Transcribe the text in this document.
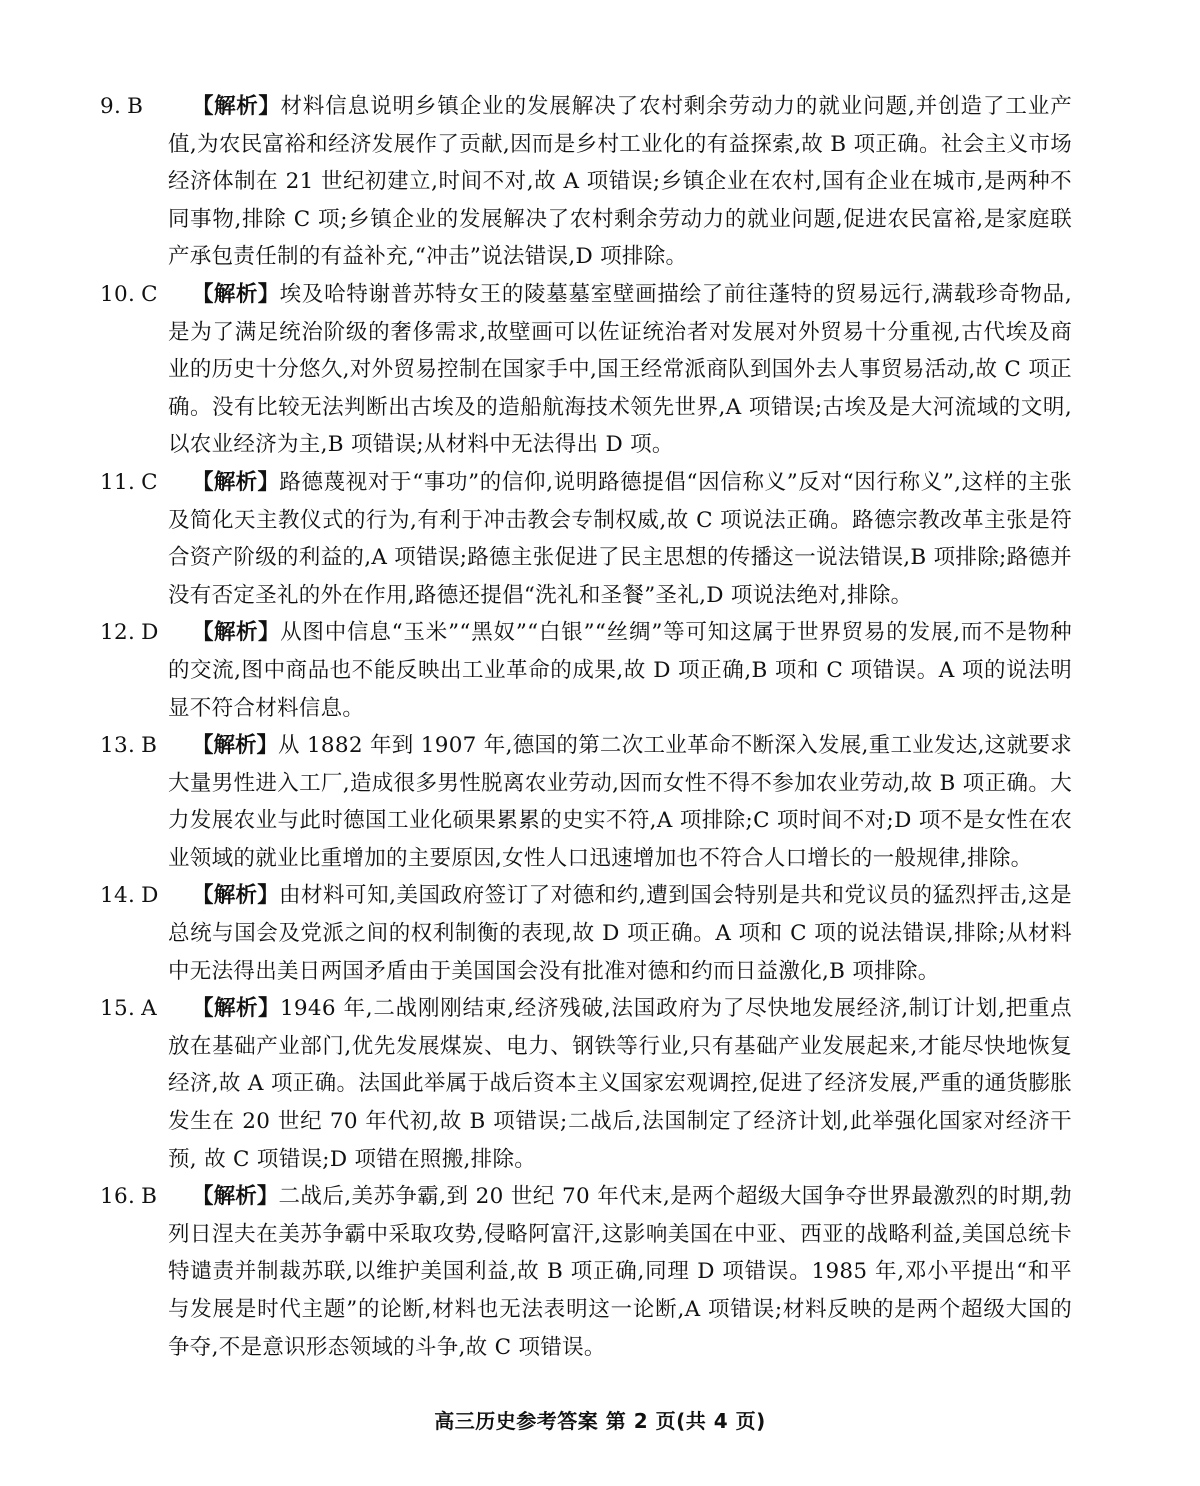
9. B 【解析】材料信息说明乡镇企业的发展解决了农村剩余劳动力的就业问题,并创造了工业产值,为农民富裕和经济发展作了贡献,因而是乡村工业化的有益探索,故 B 项正确。社会主义市场经济体制在 21 世纪初建立,时间不对,故 A 项错误;乡镇企业在农村,国有企业在城市,是两种不同事物,排除 C 项;乡镇企业的发展解决了农村剩余劳动力的就业问题,促进农民富裕,是家庭联产承包责任制的有益补充,“冲击”说法错误,D 项排除。
10. C 【解析】埃及哈特谢普苏特女王的陵墓墓室壁画描绘了前往蓬特的贸易远行,满载珍奇物品,是为了满足统治阶级的奢侈需求,故壁画可以佐证统治者对发展对外贸易十分重视,古代埃及商业的历史十分悠久,对外贸易控制在国家手中,国王经常派商队到国外去人事贸易活动,故 C 项正确。没有比较无法判断出古埃及的造船航海技术领先世界,A 项错误;古埃及是大河流域的文明,以农业经济为主,B 项错误;从材料中无法得出 D 项。
11. C 【解析】路德蔑视对于“事功”的信仰,说明路德提倡“因信称义”反对“因行称义”,这样的主张及简化天主教仪式的行为,有利于冲击教会专制权威,故 C 项说法正确。路德宗教改革主张是符合资产阶级的利益的,A 项错误;路德主张促进了民主思想的传播这一说法错误,B 项排除;路德并没有否定圣礼的外在作用,路德还提倡“洗礼和圣餐”圣礼,D 项说法绝对,排除。
12. D 【解析】从图中信息“玉米”“黑奴”“白银”“丝绸”等可知这属于世界贸易的发展,而不是物种的交流,图中商品也不能反映出工业革命的成果,故 D 项正确,B 项和 C 项错误。A 项的说法明显不符合材料信息。
13. B 【解析】从 1882 年到 1907 年,德国的第二次工业革命不断深入发展,重工业发达,这就要求大量男性进入工厂,造成很多男性脱离农业劳动,因而女性不得不参加农业劳动,故 B 项正确。大力发展农业与此时德国工业化硕果累累的史实不符,A 项排除;C 项时间不对;D 项不是女性在农业领域的就业比重增加的主要原因,女性人口迅速增加也不符合人口增长的一般规律,排除。
14. D 【解析】由材料可知,美国政府签订了对德和约,遭到国会特别是共和党议员的猛烈抨击,这是总统与国会及党派之间的权利制衡的表现,故 D 项正确。A 项和 C 项的说法错误,排除;从材料中无法得出美日两国矛盾由于美国国会没有批准对德和约而日益激化,B 项排除。
15. A 【解析】1946 年,二战刚刚结束,经济残破,法国政府为了尽快地发展经济,制订计划,把重点放在基础产业部门,优先发展煤炭、电力、钢铁等行业,只有基础产业发展起来,才能尽快地恢复经济,故 A 项正确。法国此举属于战后资本主义国家宏观调控,促进了经济发展,严重的通货膨胀发生在 20 世纪 70 年代初,故 B 项错误;二战后,法国制定了经济计划,此举强化国家对经济干预, 故 C 项错误;D 项错在照搬,排除。
16. B 【解析】二战后,美苏争霸,到 20 世纪 70 年代末,是两个超级大国争夺世界最激烈的时期,勃列日涅夫在美苏争霸中采取攻势,侵略阿富汗,这影响美国在中亚、西亚的战略利益,美国总统卡特谴责并制裁苏联,以维护美国利益,故 B 项正确,同理 D 项错误。1985 年,邓小平提出“和平与发展是时代主题”的论断,材料也无法表明这一论断,A 项错误;材料反映的是两个超级大国的争夺,不是意识形态领域的斗争,故 C 项错误。
高三历史参考答案 第 2 页(共 4 页)
